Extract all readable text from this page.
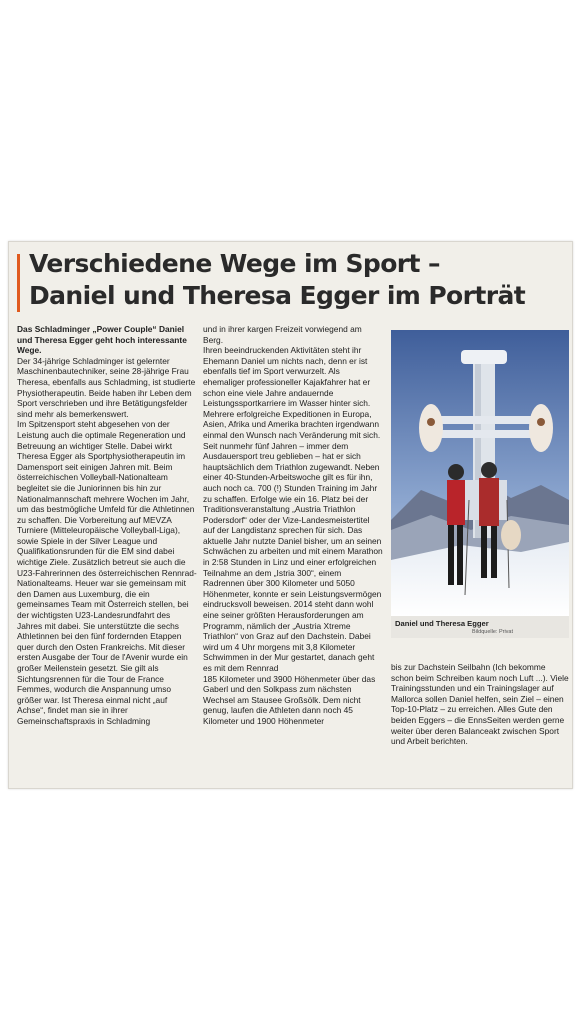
Verschiedene Wege im Sport –
Daniel und Theresa Egger im Porträt

Das Schladminger „Power Couple“ Daniel und Theresa Egger geht hoch interessante Wege.

Der 34-jährige Schladminger ist gelernter Maschinenbautechniker, seine 28-jährige Frau Theresa, ebenfalls aus Schladming, ist studierte Physiotherapeutin. Beide haben ihr Leben dem Sport verschrieben und ihre Betätigungsfelder sind mehr als bemerkenswert.

Im Spitzensport steht abgesehen von der Leistung auch die optimale Regeneration und Betreuung an wichtiger Stelle. Dabei wirkt Theresa Egger als Sportphysiotherapeutin im Damensport seit einigen Jahren mit. Beim österreichischen Volleyball-Nationalteam begleitet sie die Juniorinnen bis hin zur Nationalmannschaft mehrere Wochen im Jahr, um das bestmögliche Umfeld für die Athletinnen zu schaffen. Die Vorbereitung auf MEVZA Turniere (Mitteleuropäische Volleyball-Liga), sowie Spiele in der Silver League und Qualifikationsrunden für die EM sind dabei wichtige Ziele. Zusätzlich betreut sie auch die U23-Fahrerinnen des österreichischen Rennrad-Nationalteams. Heuer war sie gemeinsam mit den Damen aus Luxemburg, die ein gemeinsames Team mit Österreich stellen, bei der wichtigsten U23-Landesrundfahrt des Jahres mit dabei. Sie unterstützte die sechs Athletinnen bei den fünf fordernden Etappen quer durch den Osten Frankreichs. Mit dieser ersten Ausgabe der Tour de l'Avenir wurde ein großer Meilenstein gesetzt. Sie gilt als Sichtungsrennen für die Tour de France Femmes, wodurch die Anspannung umso größer war. Ist Theresa einmal nicht „auf Achse“, findet man sie in ihrer Gemeinschaftspraxis in Schladming

und in ihrer kargen Freizeit vorwiegend am Berg.

Ihren beeindruckenden Aktivitäten steht ihr Ehemann Daniel um nichts nach, denn er ist ebenfalls tief im Sport verwurzelt. Als ehemaliger professioneller Kajakfahrer hat er schon eine viele Jahre andauernde Leistungssportkarriere im Wasser hinter sich. Mehrere erfolgreiche Expeditionen in Europa, Asien, Afrika und Amerika brachten irgendwann einmal den Wunsch nach Veränderung mit sich. Seit nunmehr fünf Jahren – immer dem Ausdauersport treu geblieben – hat er sich hauptsächlich dem Triathlon zugewandt. Neben einer 40-Stunden-Arbeitswoche gilt es für ihn, auch noch ca. 700 (!) Stunden Training im Jahr zu schaffen. Erfolge wie ein 16. Platz bei der Traditionsveranstaltung „Austria Triathlon Podersdorf“ oder der Vize-Landesmeistertitel auf der Langdistanz sprechen für sich. Das aktuelle Jahr nutzte Daniel bisher, um an seinen Schwächen zu arbeiten und mit einem Marathon in 2:58 Stunden in Linz und einer erfolgreichen Teilnahme an dem „Istria 300“, einem Radrennen über 300 Kilometer und 5050 Höhenmeter, konnte er sein Leistungsvermögen eindrucksvoll beweisen. 2014 steht dann wohl eine seiner größten Herausforderungen am Programm, nämlich der „Austria Xtreme Triathlon“ von Graz auf den Dachstein. Dabei wird um 4 Uhr morgens mit 3,8 Kilometer Schwimmen in der Mur gestartet, danach geht es mit dem Rennrad

185 Kilometer und 3900 Höhenmeter über das Gaberl und den Solkpass zum nächsten Wechsel am Stausee Großsölk. Dem nicht genug, laufen die Athleten dann noch 45 Kilometer und 1900 Höhenmeter

Daniel und Theresa Egger
Bildquelle: Privat

bis zur Dachstein Seilbahn (Ich bekomme schon beim Schreiben kaum noch Luft ...). Viele Trainingsstunden und ein Trainingslager auf Mallorca sollen Daniel helfen, sein Ziel – einen Top-10-Platz – zu erreichen. Alles Gute den beiden Eggers – die EnnsSeiten werden gerne weiter über deren Balanceakt zwischen Sport und Arbeit berichten.
